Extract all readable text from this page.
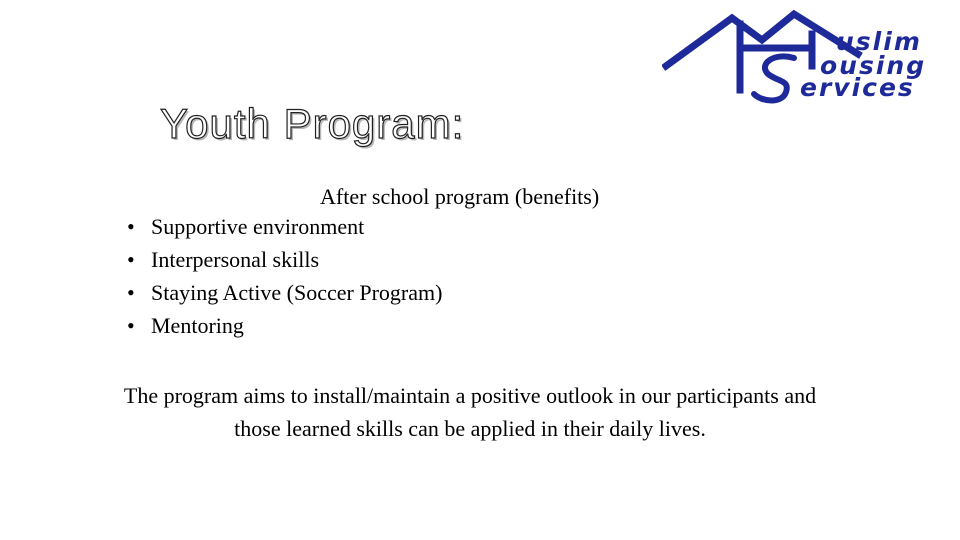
uslim
ousing
ervices
Youth Program:
After school program (benefits)
• Supportive environment
• Interpersonal skills
• Staying Active (Soccer Program)
• Mentoring
The program aims to install/maintain a positive outlook in our participants and
those learned skills can be applied in their daily lives.
